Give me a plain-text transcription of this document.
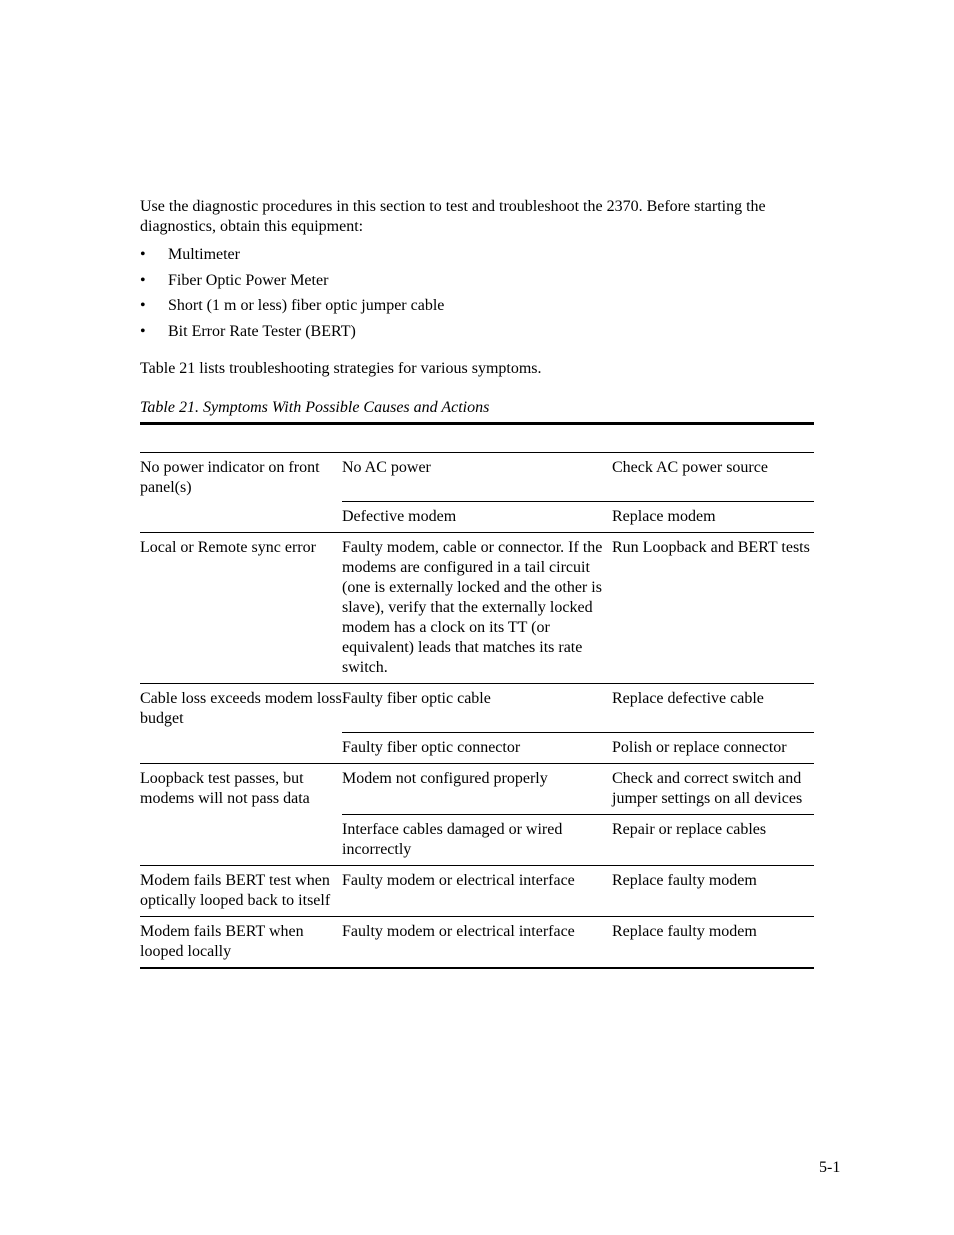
Use the diagnostic procedures in this section to test and troubleshoot the 2370. Before starting the diagnostics, obtain this equipment:

• Multimeter
• Fiber Optic Power Meter
• Short (1 m or less) fiber optic jumper cable
• Bit Error Rate Tester (BERT)

Table 21 lists troubleshooting strategies for various symptoms.

Table 21. Symptoms With Possible Causes and Actions

No power indicator on front panel(s)	No AC power	Check AC power source
	Defective modem	Replace modem
Local or Remote sync error	Faulty modem, cable or connector. If the modems are configured in a tail circuit (one is externally locked and the other is slave), verify that the externally locked modem has a clock on its TT (or equivalent) leads that matches its rate switch.	Run Loopback and BERT tests
Cable loss exceeds modem loss budget	Faulty fiber optic cable	Replace defective cable
	Faulty fiber optic connector	Polish or replace connector
Loopback test passes, but modems will not pass data	Modem not configured properly	Check and correct switch and jumper settings on all devices
	Interface cables damaged or wired incorrectly	Repair or replace cables
Modem fails BERT test when optically looped back to itself	Faulty modem or electrical interface	Replace faulty modem
Modem fails BERT when looped locally	Faulty modem or electrical interface	Replace faulty modem

5-1
